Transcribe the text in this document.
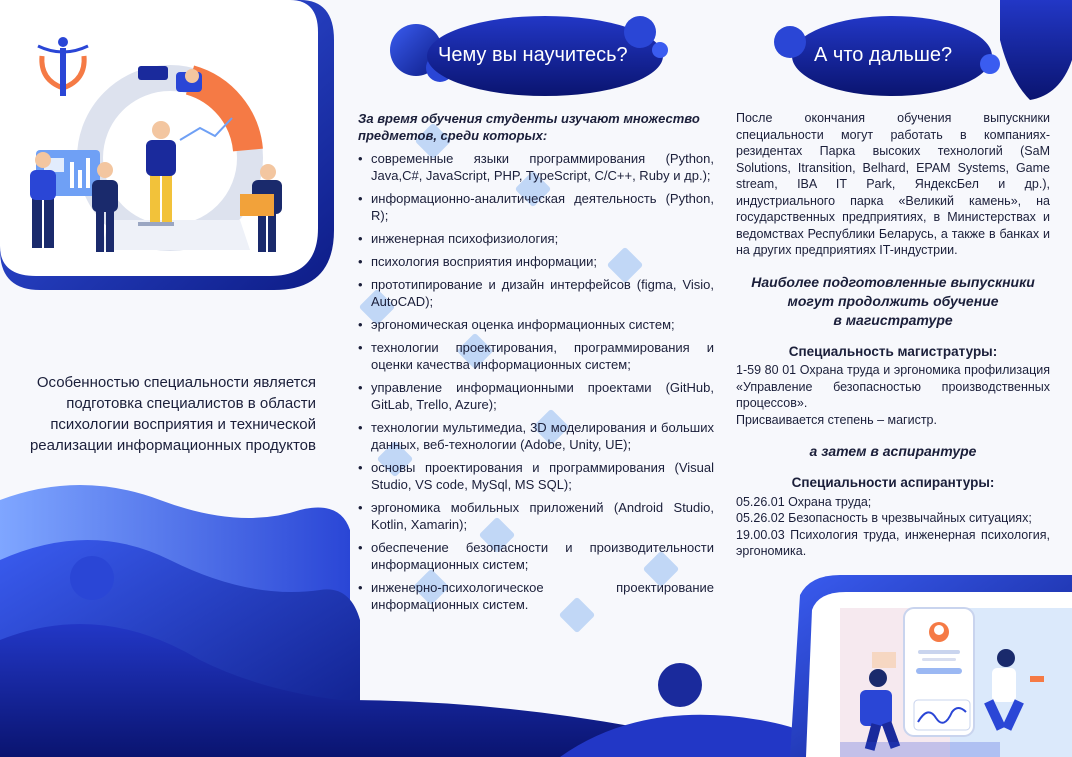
Чему вы научитесь?	А что дальше?
Особенностью специальности является подготовка специалистов в области психологии восприятия и технической реализации информационных продуктов

За время обучения студенты изучают множество предметов, среди которых:

• современные языки программирования (Python, Java,C#, JavaScript, PHP, TypeScript, C/C++, Ruby и др.);
• информационно-аналитическая деятельность (Python, R);
• инженерная психофизиология;
• психология восприятия информации;
• прототипирование и дизайн интерфейсов (figma, Visio, AutoCAD);
• эргономическая оценка информационных систем;
• технологии проектирования, программирования и оценки качества информационных систем;
• управление информационными проектами (GitHub, GitLab, Trello, Azure);
• технологии мультимедиа, 3D моделирования и больших данных, веб-технологии (Adobe, Unity, UE);
• основы проектирования и программирования (Visual Studio, VS code, MySql, MS SQL);
• эргономика мобильных приложений (Android Studio, Kotlin, Xamarin);
• обеспечение безопасности и производительности информационных систем;
• инженерно-психологическое проектирование информационных систем.

После окончания обучения выпускники специальности могут работать в компаниях-резидентах Парка высоких технологий (SaM Solutions, Itransition, Belhard, EPAM Systems, Game stream, IBA IT Park, ЯндексБел и др.), индустриального парка «Великий камень», на государственных предприятиях, в Министерствах и ведомствах Республики Беларусь, а также в банках и на других предприятиях IT-индустрии.

Наиболее подготовленные выпускники
могут продолжить обучение
в магистратуре

Специальность магистратуры:

1-59 80 01 Охрана труда и эргономика профилизация «Управление безопасностью производственных процессов».

Присваивается степень – магистр.

а затем в аспирантуре

Специальности аспирантуры:

05.26.01 Охрана труда;

05.26.02 Безопасность в чрезвычайных ситуациях;

19.00.03 Психология труда, инженерная психология, эргономика.
